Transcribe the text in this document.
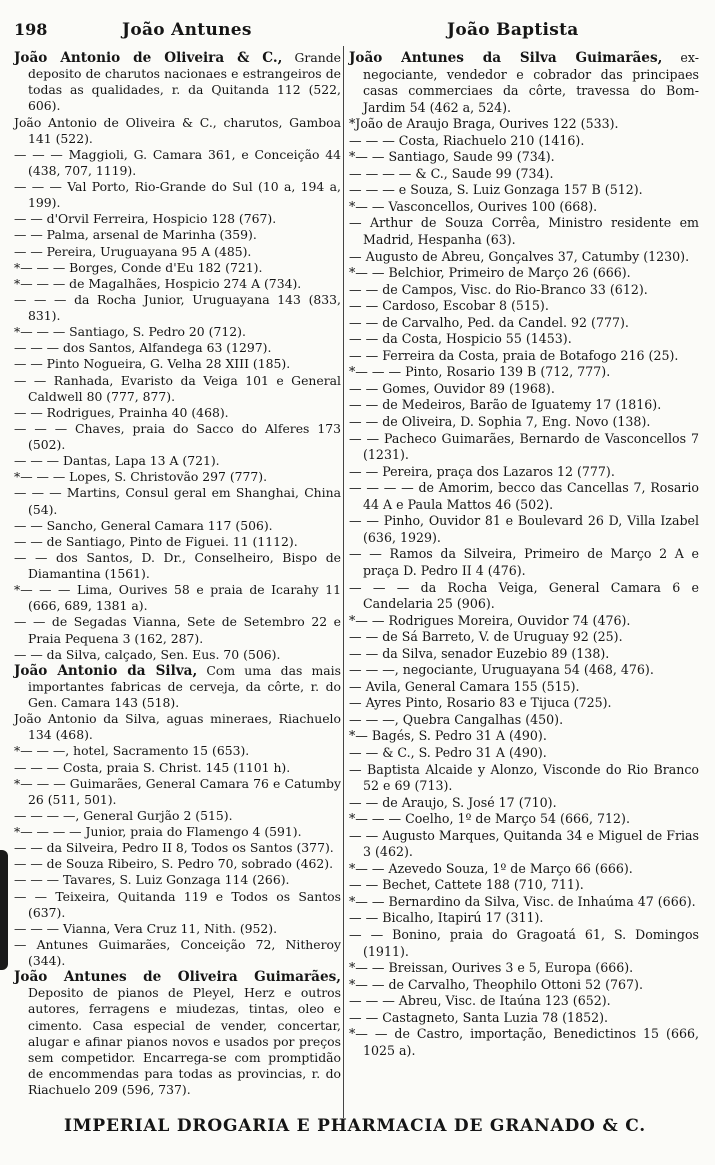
198	João Antunes	João Baptista
João Antonio de Oliveira & C., Grande deposito de charutos nacionaes e estrangeiros de todas as qualidades, r. da Quitanda 112 (522, 606).
João Antonio de Oliveira & C., charutos, Gamboa 141 (522).
— — — Maggioli, G. Camara 361, e Conceição 44 (438, 707, 1119).
— — — Val Porto, Rio-Grande do Sul (10 a, 194 a, 199).
— — d'Orvil Ferreira, Hospicio 128 (767).
— — Palma, arsenal de Marinha (359).
— — Pereira, Uruguayana 95 A (485).
*— — — Borges, Conde d'Eu 182 (721).
*— — — de Magalhães, Hospicio 274 A (734).
— — — da Rocha Junior, Uruguayana 143 (833, 831).
*— — — Santiago, S. Pedro 20 (712).
— — — dos Santos, Alfandega 63 (1297).
— — Pinto Nogueira, G. Velha 28 XIII (185).
— — Ranhada, Evaristo da Veiga 101 e General Caldwell 80 (777, 877).
— — Rodrigues, Prainha 40 (468).
— — — Chaves, praia do Sacco do Alferes 173 (502).
— — — Dantas, Lapa 13 A (721).
*— — — Lopes, S. Christovão 297 (777).
— — — Martins, Consul geral em Shanghai, China (54).
— — Sancho, General Camara 117 (506).
— — de Santiago, Pinto de Figuei. 11 (1112).
— — dos Santos, D. Dr., Conselheiro, Bispo de Diamantina (1561).
*— — — Lima, Ourives 58 e praia de Icarahy 11 (666, 689, 1381 a).
— — de Segadas Vianna, Sete de Setembro 22 e Praia Pequena 3 (162, 287).
— — da Silva, calçado, Sen. Eus. 70 (506).
João Antonio da Silva, Com uma das mais importantes fabricas de cerveja, da côrte, r. do Gen. Camara 143 (518).
João Antonio da Silva, aguas mineraes, Riachuelo 134 (468).
*— — —, hotel, Sacramento 15 (653).
— — — Costa, praia S. Christ. 145 (1101 h).
*— — — Guimarães, General Camara 76 e Catumby 26 (511, 501).
— — — —, General Gurjão 2 (515).
*— — — — Junior, praia do Flamengo 4 (591).
— — da Silveira, Pedro II 8, Todos os Santos (377).
— — de Souza Ribeiro, S. Pedro 70, sobrado (462).
— — — Tavares, S. Luiz Gonzaga 114 (266).
— — Teixeira, Quitanda 119 e Todos os Santos (637).
— — — Vianna, Vera Cruz 11, Nith. (952).
— Antunes Guimarães, Conceição 72, Nitheroy (344).
João Antunes de Oliveira Guimarães, Deposito de pianos de Pleyel, Herz e outros autores, ferragens e miudezas, tintas, oleo e cimento. Casa especial de vender, concertar, alugar e afinar pianos novos e usados por preços sem competidor. Encarrega-se com promptidão de encommendas para todas as provincias, r. do Riachuelo 209 (596, 737).
João Antunes da Silva Guimarães, ex-negociante, vendedor e cobrador das principaes casas commerciaes da côrte, travessa do Bom-Jardim 54 (462 a, 524).
*João de Araujo Braga, Ourives 122 (533).
— — — Costa, Riachuelo 210 (1416).
*— — Santiago, Saude 99 (734).
— — — — & C., Saude 99 (734).
— — — e Souza, S. Luiz Gonzaga 157 B (512).
*— — Vasconcellos, Ourives 100 (668).
— Arthur de Souza Corrêa, Ministro residente em Madrid, Hespanha (63).
— Augusto de Abreu, Gonçalves 37, Catumby (1230).
*— — Belchior, Primeiro de Março 26 (666).
— — de Campos, Visc. do Rio-Branco 33 (612).
— — Cardoso, Escobar 8 (515).
— — de Carvalho, Ped. da Candel. 92 (777).
— — da Costa, Hospicio 55 (1453).
— — Ferreira da Costa, praia de Botafogo 216 (25).
*— — — Pinto, Rosario 139 B (712, 777).
— — Gomes, Ouvidor 89 (1968).
— — de Medeiros, Barão de Iguatemy 17 (1816).
— — de Oliveira, D. Sophia 7, Eng. Novo (138).
— — Pacheco Guimarães, Bernardo de Vasconcellos 7 (1231).
— — Pereira, praça dos Lazaros 12 (777).
— — — — de Amorim, becco das Cancellas 7, Rosario 44 A e Paula Mattos 46 (502).
— — Pinho, Ouvidor 81 e Boulevard 26 D, Villa Izabel (636, 1929).
— — Ramos da Silveira, Primeiro de Março 2 A e praça D. Pedro II 4 (476).
— — — da Rocha Veiga, General Camara 6 e Candelaria 25 (906).
*— — Rodrigues Moreira, Ouvidor 74 (476).
— — de Sá Barreto, V. de Uruguay 92 (25).
— — da Silva, senador Euzebio 89 (138).
— — —, negociante, Uruguayana 54 (468, 476).
— Avila, General Camara 155 (515).
— Ayres Pinto, Rosario 83 e Tijuca (725).
— — —, Quebra Cangalhas (450).
*— Bagés, S. Pedro 31 A (490).
— — & C., S. Pedro 31 A (490).
— Baptista Alcaide y Alonzo, Visconde do Rio Branco 52 e 69 (713).
— — de Araujo, S. José 17 (710).
*— — — Coelho, 1º de Março 54 (666, 712).
— — Augusto Marques, Quitanda 34 e Miguel de Frias 3 (462).
*— — Azevedo Souza, 1º de Março 66 (666).
— — Bechet, Cattete 188 (710, 711).
*— — Bernardino da Silva, Visc. de Inhaúma 47 (666).
— — Bicalho, Itapirú 17 (311).
— — Bonino, praia do Gragoatá 61, S. Domingos (1911).
*— — Breissan, Ourives 3 e 5, Europa (666).
*— — de Carvalho, Theophilo Ottoni 52 (767).
— — — Abreu, Visc. de Itaúna 123 (652).
— — Castagneto, Santa Luzia 78 (1852).
*— — de Castro, importação, Benedictinos 15 (666, 1025 a).
IMPERIAL DROGARIA E PHARMACIA DE GRANADO & C.
